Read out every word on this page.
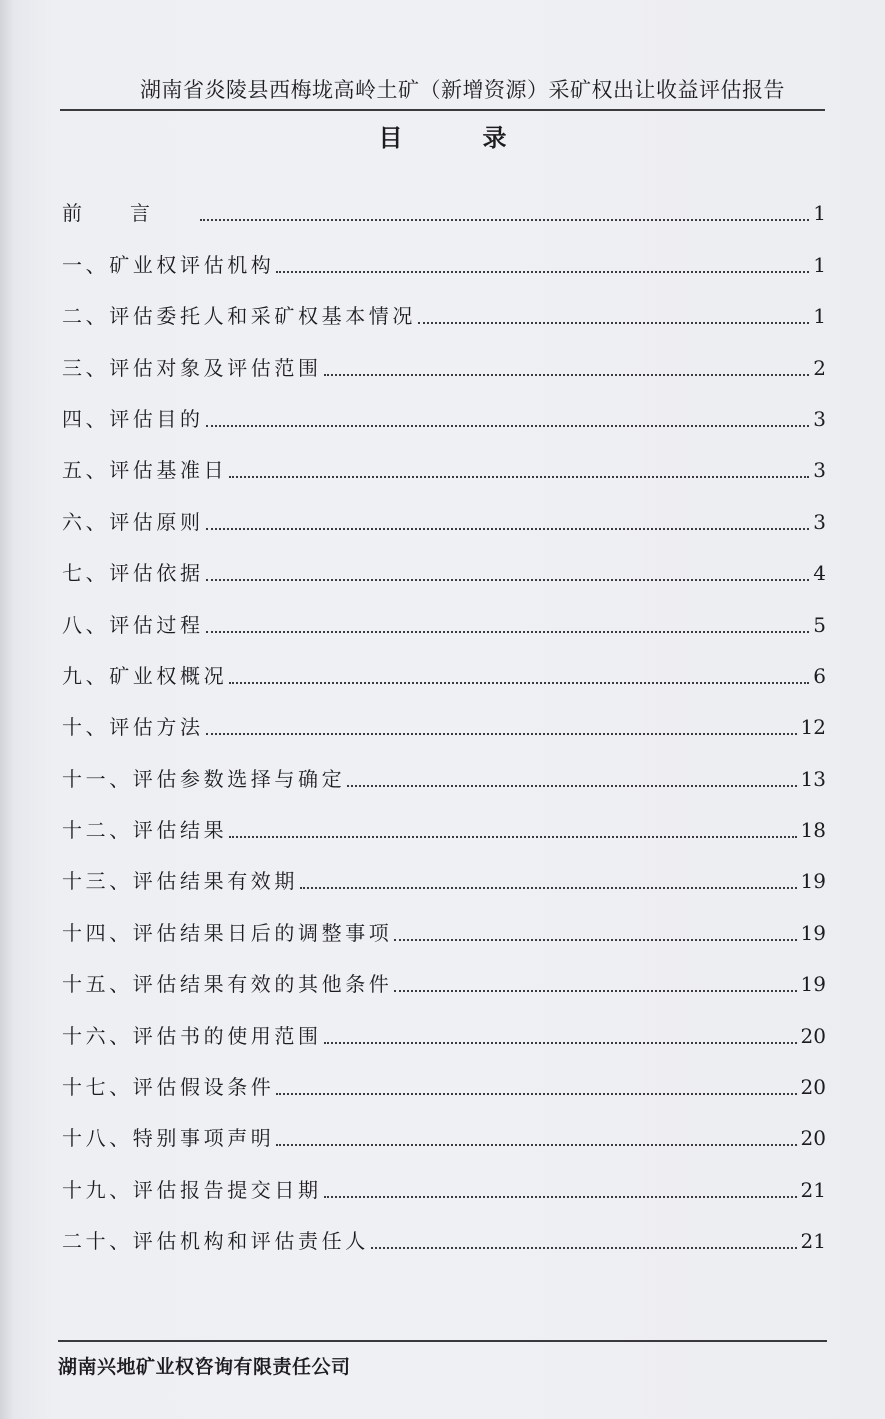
湖南省炎陵县西梅垅高岭土矿（新增资源）采矿权出让收益评估报告
目录
前言	1
一、矿业权评估机构	1
二、评估委托人和采矿权基本情况	1
三、评估对象及评估范围	2
四、评估目的	3
五、评估基准日	3
六、评估原则	3
七、评估依据	4
八、评估过程	5
九、矿业权概况	6
十、评估方法	12
十一、评估参数选择与确定	13
十二、评估结果	18
十三、评估结果有效期	19
十四、评估结果日后的调整事项	19
十五、评估结果有效的其他条件	19
十六、评估书的使用范围	20
十七、评估假设条件	20
十八、特别事项声明	20
十九、评估报告提交日期	21
二十、评估机构和评估责任人	21
湖南兴地矿业权咨询有限责任公司
